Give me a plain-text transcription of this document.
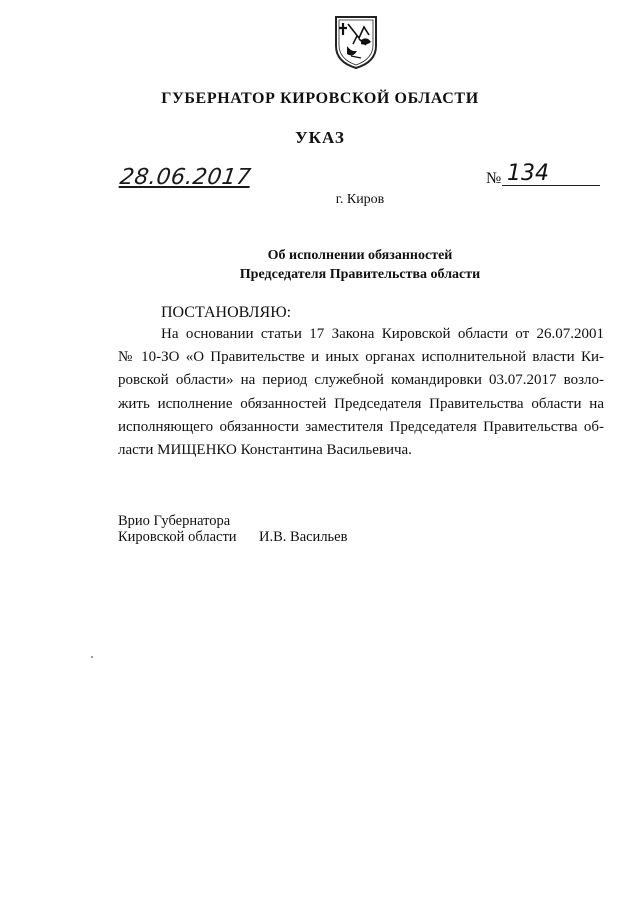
ГУБЕРНАТОР КИРОВСКОЙ ОБЛАСТИ
УКАЗ
28.06.2017	№ 134
г. Киров
Об исполнении обязанностей
Председателя Правительства области
ПОСТАНОВЛЯЮ:
На основании статьи 17 Закона Кировской области от 26.07.2001
№ 10-ЗО «О Правительстве и иных органах исполнительной власти Ки-
ровской области» на период служебной командировки 03.07.2017 возло-
жить исполнение обязанностей Председателя Правительства области на
исполняющего обязанности заместителя Председателя Правительства об-
ласти МИЩЕНКО Константина Васильевича.
Врио Губернатора
Кировской области И.В. Васильев
